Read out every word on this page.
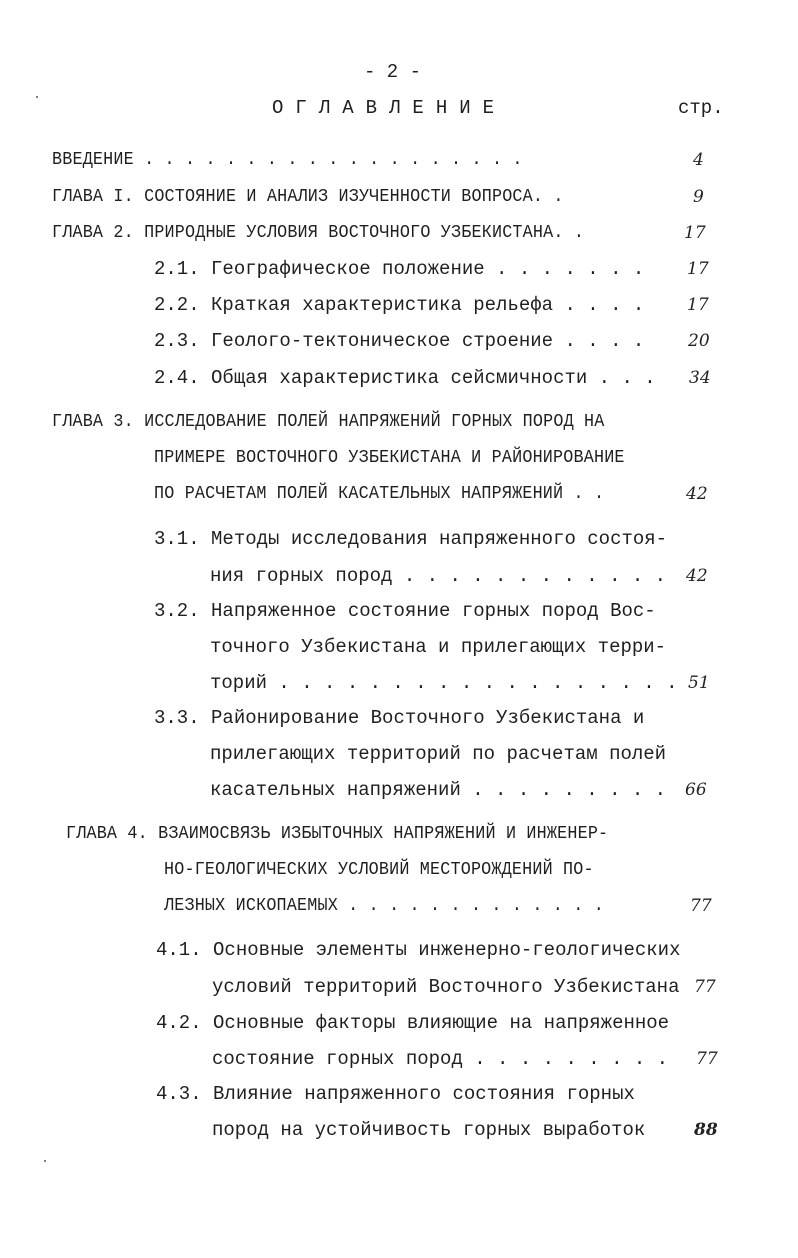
- 2 -
ОГЛАВЛЕНИЕ	стр.
ВВЕДЕНИЕ . . . . . . . . . . . . . . . . . . .	4
ГЛАВА I. СОСТОЯНИЕ И АНАЛИЗ ИЗУЧЕННОСТИ ВОПРОСА. .	9
ГЛАВА 2. ПРИРОДНЫЕ УСЛОВИЯ ВОСТОЧНОГО УЗБЕКИСТАНА. .	17
2.1. Географическое положение . . . . . . .	17
2.2. Краткая характеристика рельефа . . . .	17
2.3. Геолого-тектоническое строение . . . .	20
2.4. Общая характеристика сейсмичности . . . 34
ГЛАВА 3. ИССЛЕДОВАНИЕ ПОЛЕЙ НАПРЯЖЕНИЙ ГОРНЫХ ПОРОД НА
ПРИМЕРЕ ВОСТОЧНОГО УЗБЕКИСТАНА И РАЙОНИРОВАНИЕ
ПО РАСЧЕТАМ ПОЛЕЙ КАСАТЕЛЬНЫХ НАПРЯЖЕНИЙ . .	42
3.1. Методы исследования напряженного состоя-
ния горных пород . . . . . . . . . . . . 42
3.2. Напряженное состояние горных пород Вос-
точного Узбекистана и прилегающих терри-
торий . . . . . . . . . . . . . . . . . . 51
3.3. Районирование Восточного Узбекистана и
прилегающих территорий по расчетам полей
касательных напряжений . . . . . . . . . 66
ГЛАВА 4. ВЗАИМОСВЯЗЬ ИЗБЫТОЧНЫХ НАПРЯЖЕНИЙ И ИНЖЕНЕР-
НО-ГЕОЛОГИЧЕСКИХ УСЛОВИЙ МЕСТОРОЖДЕНИЙ ПО-
ЛЕЗНЫХ ИСКОПАЕМЫХ . . . . . . . . . . . . .	77
4.1. Основные элементы инженерно-геологических
условий территорий Восточного Узбекистана 77
4.2. Основные факторы влияющие на напряженное
состояние горных пород . . . . . . . . . 77
4.3. Влияние напряженного состояния горных
пород на устойчивость горных выработок	88
